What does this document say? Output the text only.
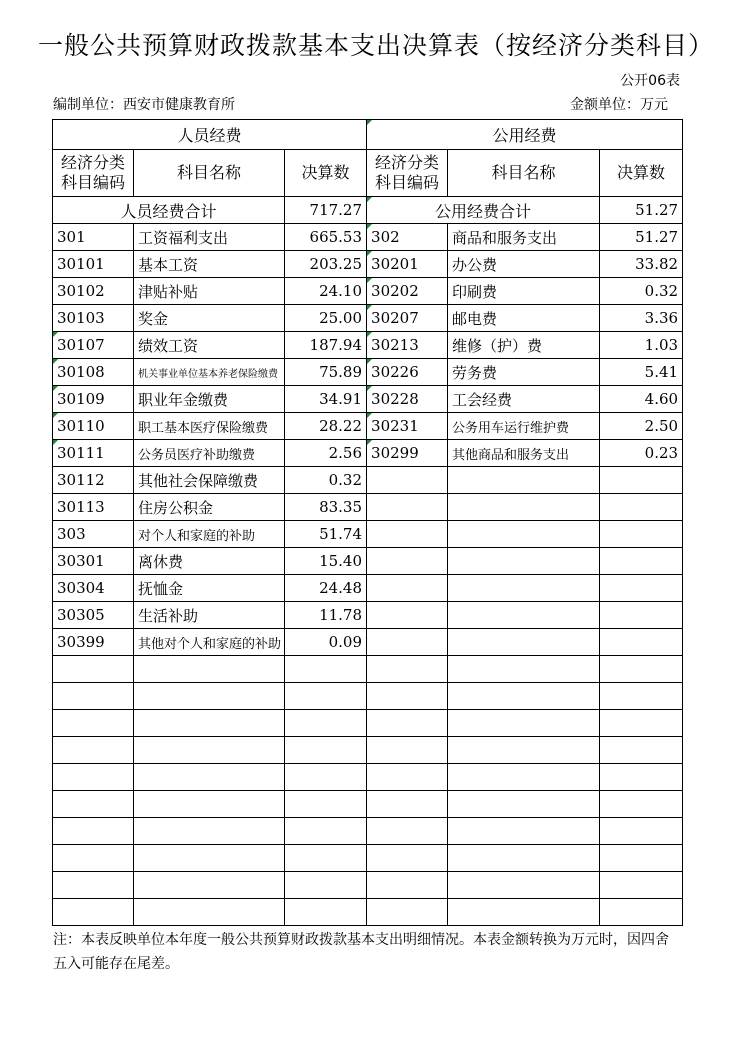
一般公共预算财政拨款基本支出决算表（按经济分类科目）
公开06表
编制单位：西安市健康教育所	金额单位：万元
人员经费			公用经费		
经济分类科目编码	科目名称	决算数	经济分类科目编码	科目名称	决算数
人员经费合计		717.27	公用经费合计		51.27
301	工资福利支出	665.53	302	商品和服务支出	51.27
30101	基本工资	203.25	30201	办公费	33.82
30102	津贴补贴	24.10	30202	印刷费	0.32
30103	奖金	25.00	30207	邮电费	3.36
30107	绩效工资	187.94	30213	维修（护）费	1.03
30108	机关事业单位基本养老保险缴费	75.89	30226	劳务费	5.41
30109	职业年金缴费	34.91	30228	工会经费	4.60
30110	职工基本医疗保险缴费	28.22	30231	公务用车运行维护费	2.50
30111	公务员医疗补助缴费	2.56	30299	其他商品和服务支出	0.23
30112	其他社会保障缴费	0.32			
30113	住房公积金	83.35			
303	对个人和家庭的补助	51.74			
30301	离休费	15.40			
30304	抚恤金	24.48			
30305	生活补助	11.78			
30399	其他对个人和家庭的补助	0.09			

注：本表反映单位本年度一般公共预算财政拨款基本支出明细情况。本表金额转换为万元时，因四舍五入可能存在尾差。
